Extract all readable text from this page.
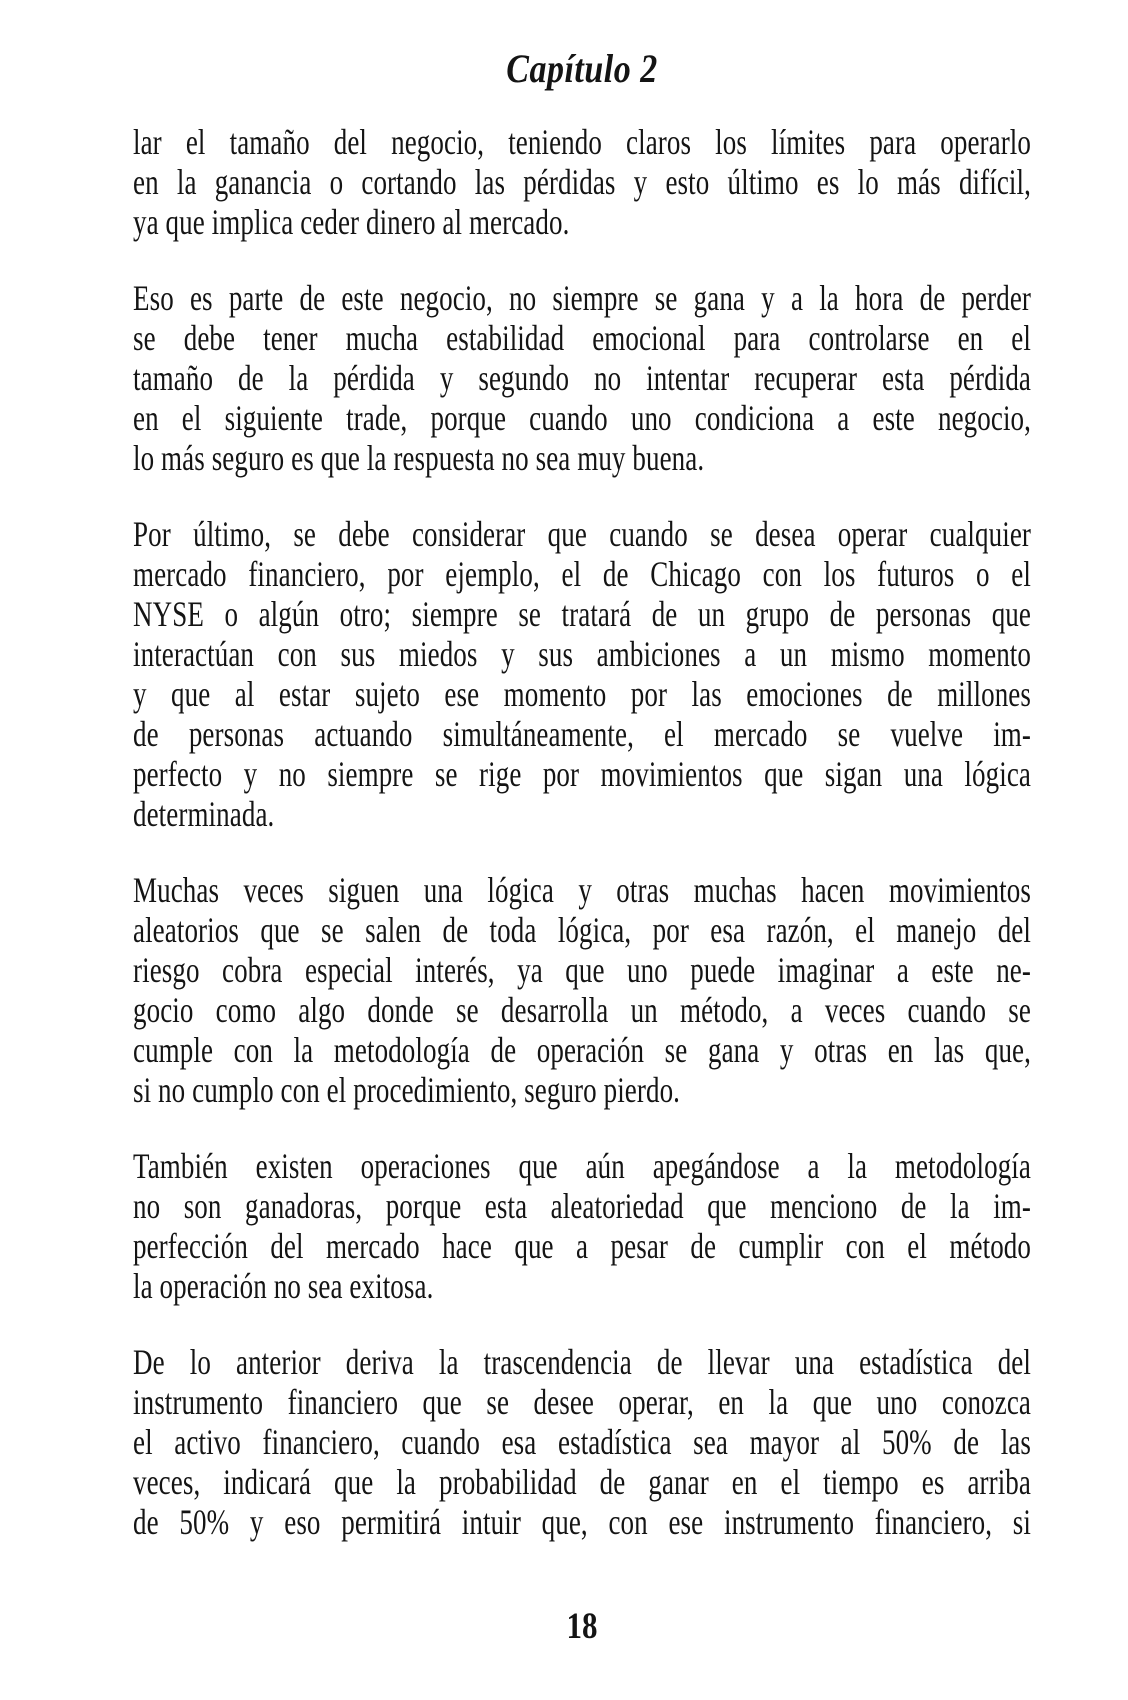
Capítulo 2
lar el tamaño del negocio, teniendo claros los límites para operarlo
en la ganancia o cortando las pérdidas y esto último es lo más difícil,
ya que implica ceder dinero al mercado.
Eso es parte de este negocio, no siempre se gana y a la hora de perder
se debe tener mucha estabilidad emocional para controlarse en el
tamaño de la pérdida y segundo no intentar recuperar esta pérdida
en el siguiente trade, porque cuando uno condiciona a este negocio,
lo más seguro es que la respuesta no sea muy buena.
Por último, se debe considerar que cuando se desea operar cualquier
mercado financiero, por ejemplo, el de Chicago con los futuros o el
NYSE o algún otro; siempre se tratará de un grupo de personas que
interactúan con sus miedos y sus ambiciones a un mismo momento
y que al estar sujeto ese momento por las emociones de millones
de personas actuando simultáneamente, el mercado se vuelve im-
perfecto y no siempre se rige por movimientos que sigan una lógica
determinada.
Muchas veces siguen una lógica y otras muchas hacen movimientos
aleatorios que se salen de toda lógica, por esa razón, el manejo del
riesgo cobra especial interés, ya que uno puede imaginar a este ne-
gocio como algo donde se desarrolla un método, a veces cuando se
cumple con la metodología de operación se gana y otras en las que,
si no cumplo con el procedimiento, seguro pierdo.
También existen operaciones que aún apegándose a la metodología
no son ganadoras, porque esta aleatoriedad que menciono de la im-
perfección del mercado hace que a pesar de cumplir con el método
la operación no sea exitosa.
De lo anterior deriva la trascendencia de llevar una estadística del
instrumento financiero que se desee operar, en la que uno conozca
el activo financiero, cuando esa estadística sea mayor al 50% de las
veces, indicará que la probabilidad de ganar en el tiempo es arriba
de 50% y eso permitirá intuir que, con ese instrumento financiero, si
18
